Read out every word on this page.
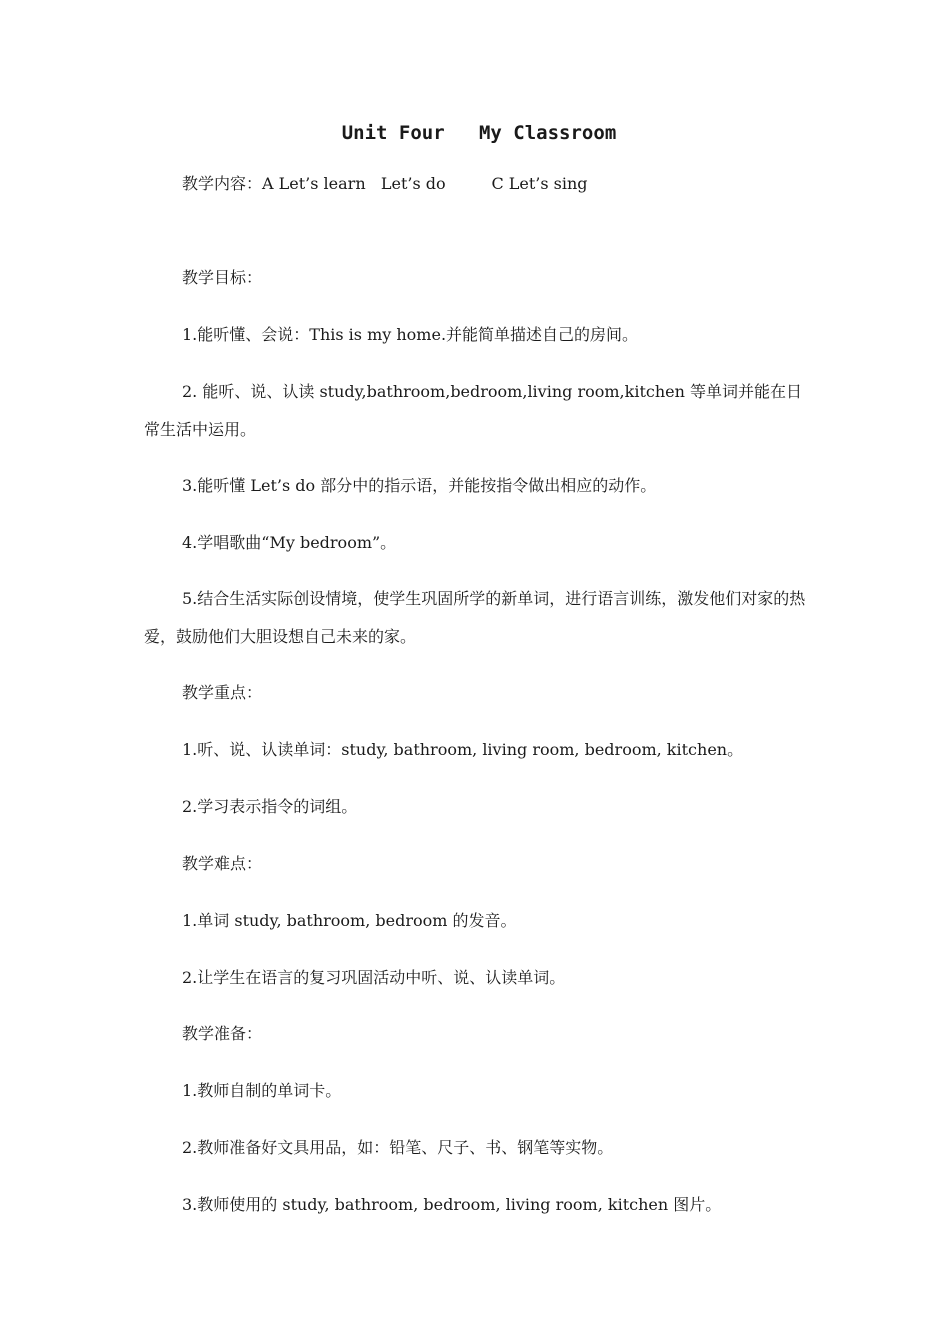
Unit Four   My Classroom

教学内容：A Let’s learn   Let’s do         C Let’s sing

教学目标：

1.能听懂、会说：This is my home.并能简单描述自己的房间。

2. 能听、说、认读 study,bathroom,bedroom,living room,kitchen 等单词并能在日常生活中运用。

3.能听懂 Let’s do 部分中的指示语，并能按指令做出相应的动作。

4.学唱歌曲“My bedroom”。

5.结合生活实际创设情境，使学生巩固所学的新单词，进行语言训练，激发他们对家的热爱，鼓励他们大胆设想自己未来的家。

教学重点：

1.听、说、认读单词：study, bathroom, living room, bedroom, kitchen。

2.学习表示指令的词组。

教学难点：

1.单词 study, bathroom, bedroom 的发音。

2.让学生在语言的复习巩固活动中听、说、认读单词。

教学准备：

1.教师自制的单词卡。

2.教师准备好文具用品，如：铅笔、尺子、书、钢笔等实物。

3.教师使用的 study, bathroom, bedroom, living room, kitchen 图片。
